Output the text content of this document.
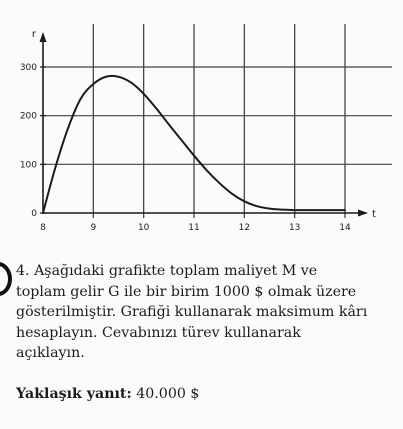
8	9	10	11	12	13	14
0
100
200
300
r
t
4. Aşağıdaki grafikte toplam maliyet M ve
toplam gelir G ile bir birim 1000 $ olmak üzere
gösterilmiştir. Grafiği kullanarak maksimum kârı
hesaplayın. Cevabınızı türev kullanarak
açıklayın.
Yaklaşık yanıt: 40.000 $
